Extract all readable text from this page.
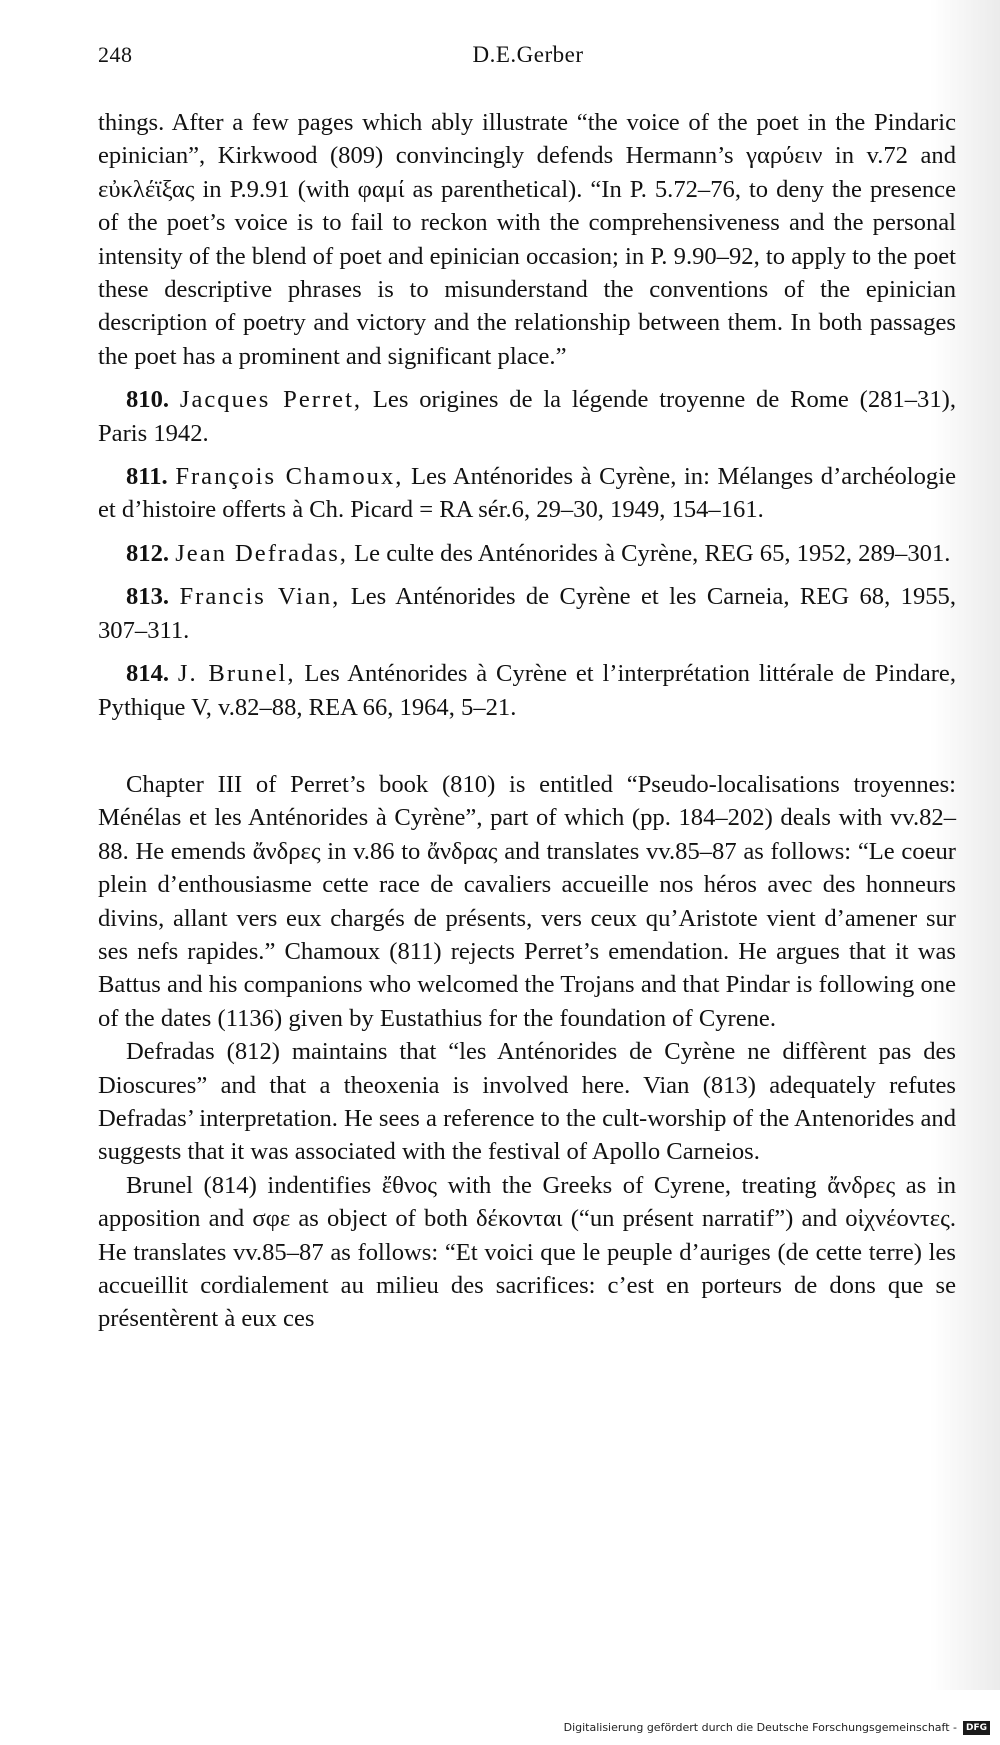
248	D.E.Gerber

things. After a few pages which ably illustrate “the voice of the poet in the Pindaric epinician”, Kirkwood (809) convincingly defends Hermann’s γαρύειν in v.72 and εὐκλέϊξας in P.9.91 (with φαμί as parenthetical). “In P. 5.72–76, to deny the presence of the poet’s voice is to fail to reckon with the comprehensiveness and the personal intensity of the blend of poet and epinician occasion; in P. 9.90–92, to apply to the poet these descriptive phrases is to misunderstand the conventions of the epinician description of poetry and victory and the relationship between them. In both passages the poet has a prominent and significant place.”

810. Jacques Perret, Les origines de la légende troyenne de Rome (281–31), Paris 1942.

811. François Chamoux, Les Anténorides à Cyrène, in: Mélanges d’archéologie et d’histoire offerts à Ch. Picard = RA sér.6, 29–30, 1949, 154–161.

812. Jean Defradas, Le culte des Anténorides à Cyrène, REG 65, 1952, 289–301.

813. Francis Vian, Les Anténorides de Cyrène et les Carneia, REG 68, 1955, 307–311.

814. J. Brunel, Les Anténorides à Cyrène et l’interprétation littérale de Pindare, Pythique V, v.82–88, REA 66, 1964, 5–21.

Chapter III of Perret’s book (810) is entitled “Pseudo-localisations troyennes: Ménélas et les Anténorides à Cyrène”, part of which (pp. 184–202) deals with vv.82–88. He emends ἄνδρες in v.86 to ἄνδρας and translates vv.85–87 as follows: “Le coeur plein d’enthousiasme cette race de cavaliers accueille nos héros avec des honneurs divins, allant vers eux chargés de présents, vers ceux qu’Aristote vient d’amener sur ses nefs rapides.” Chamoux (811) rejects Perret’s emendation. He argues that it was Battus and his companions who welcomed the Trojans and that Pindar is following one of the dates (1136) given by Eustathius for the foundation of Cyrene.

Defradas (812) maintains that “les Anténorides de Cyrène ne diffèrent pas des Dioscures” and that a theoxenia is involved here. Vian (813) adequately refutes Defradas’ interpretation. He sees a reference to the cult-worship of the Antenorides and suggests that it was associated with the festival of Apollo Carneios.

Brunel (814) indentifies ἔθνος with the Greeks of Cyrene, treating ἄνδρες as in apposition and σφε as object of both δέκονται (“un présent narratif”) and οἰχνέοντες. He translates vv.85–87 as follows: “Et voici que le peuple d’auriges (de cette terre) les accueillit cordialement au milieu des sacrifices: c’est en porteurs de dons que se présentèrent à eux ces

Digitalisierung gefördert durch die Deutsche Forschungsgemeinschaft - DFG
